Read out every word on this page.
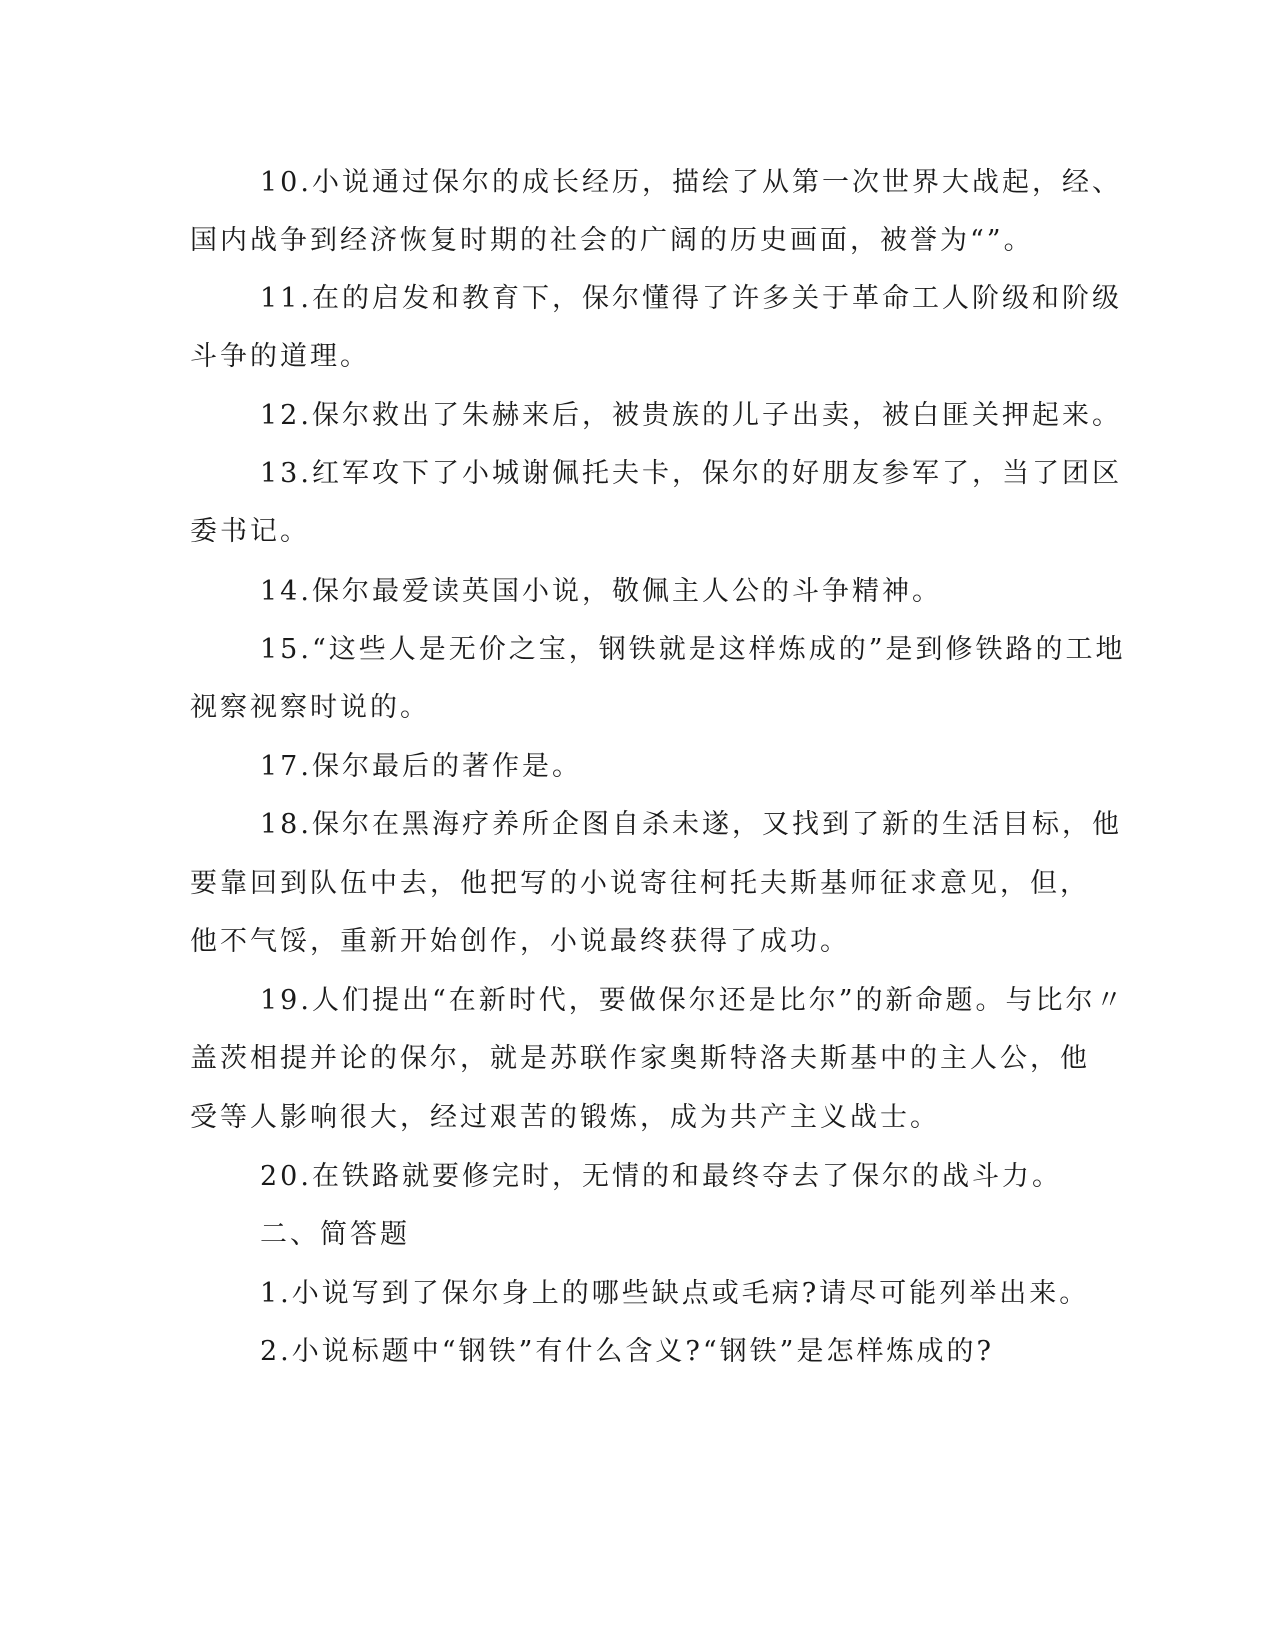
10.小说通过保尔的成长经历，描绘了从第一次世界大战起，经、
国内战争到经济恢复时期的社会的广阔的历史画面，被誉为“”。
11.在的启发和教育下，保尔懂得了许多关于革命工人阶级和阶级
斗争的道理。
12.保尔救出了朱赫来后，被贵族的儿子出卖，被白匪关押起来。
13.红军攻下了小城谢佩托夫卡，保尔的好朋友参军了，当了团区
委书记。
14.保尔最爱读英国小说，敬佩主人公的斗争精神。
15.“这些人是无价之宝，钢铁就是这样炼成的”是到修铁路的工地
视察视察时说的。
17.保尔最后的著作是。
18.保尔在黑海疗养所企图自杀未遂，又找到了新的生活目标，他
要靠回到队伍中去，他把写的小说寄往柯托夫斯基师征求意见，但，
他不气馁，重新开始创作，小说最终获得了成功。
19.人们提出“在新时代，要做保尔还是比尔”的新命题。与比尔〃
盖茨相提并论的保尔，就是苏联作家奥斯特洛夫斯基中的主人公，他
受等人影响很大，经过艰苦的锻炼，成为共产主义战士。
20.在铁路就要修完时，无情的和最终夺去了保尔的战斗力。
二、简答题
1.小说写到了保尔身上的哪些缺点或毛病?请尽可能列举出来。
2.小说标题中“钢铁”有什么含义?“钢铁”是怎样炼成的?
